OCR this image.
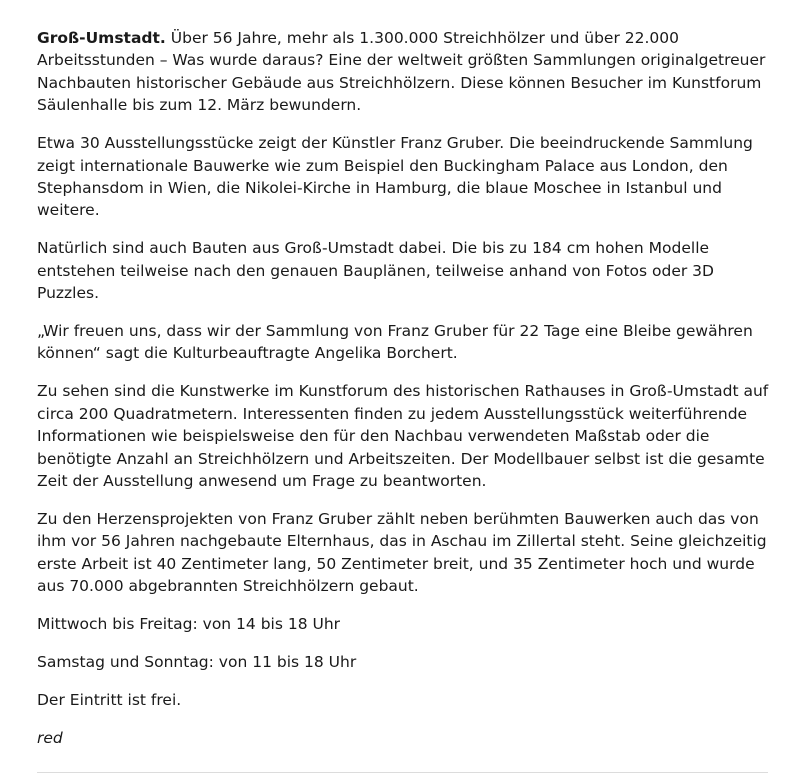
Groß-Umstadt. Über 56 Jahre, mehr als 1.300.000 Streichhölzer und über 22.000 Arbeitsstunden – Was wurde daraus? Eine der weltweit größten Sammlungen originalgetreuer Nachbauten historischer Gebäude aus Streichhölzern. Diese können Besucher im Kunstforum Säulenhalle bis zum 12. März bewundern.

Etwa 30 Ausstellungsstücke zeigt der Künstler Franz Gruber. Die beeindruckende Sammlung zeigt internationale Bauwerke wie zum Beispiel den Buckingham Palace aus London, den Stephansdom in Wien, die Nikolei-Kirche in Hamburg, die blaue Moschee in Istanbul und weitere.

Natürlich sind auch Bauten aus Groß-Umstadt dabei. Die bis zu 184 cm hohen Modelle entstehen teilweise nach den genauen Bauplänen, teilweise anhand von Fotos oder 3D Puzzles.

„Wir freuen uns, dass wir der Sammlung von Franz Gruber für 22 Tage eine Bleibe gewähren können“ sagt die Kulturbeauftragte Angelika Borchert.

Zu sehen sind die Kunstwerke im Kunstforum des historischen Rathauses in Groß-Umstadt auf circa 200 Quadratmetern. Interessenten finden zu jedem Ausstellungsstück weiterführende Informationen wie beispielsweise den für den Nachbau verwendeten Maßstab oder die benötigte Anzahl an Streichhölzern und Arbeitszeiten. Der Modellbauer selbst ist die gesamte Zeit der Ausstellung anwesend um Frage zu beantworten.

Zu den Herzensprojekten von Franz Gruber zählt neben berühmten Bauwerken auch das von ihm vor 56 Jahren nachgebaute Elternhaus, das in Aschau im Zillertal steht. Seine gleichzeitig erste Arbeit ist 40 Zentimeter lang, 50 Zentimeter breit, und 35 Zentimeter hoch und wurde aus 70.000 abgebrannten Streichhölzern gebaut.

Mittwoch bis Freitag: von 14 bis 18 Uhr

Samstag und Sonntag: von 11 bis 18 Uhr

Der Eintritt ist frei.

red
